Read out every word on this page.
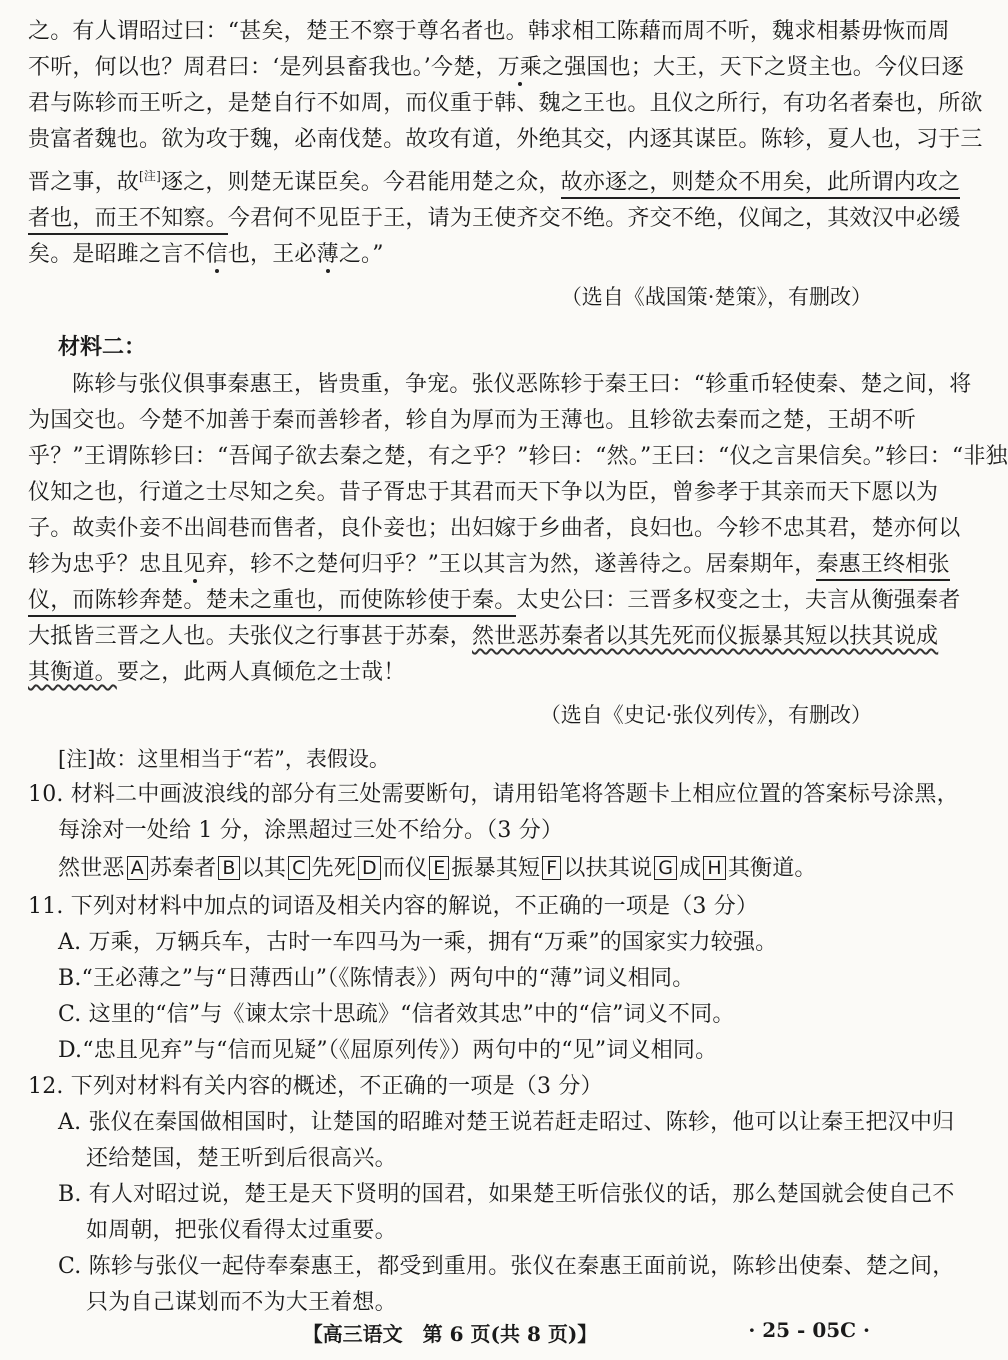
之。有人谓昭过曰：“甚矣，楚王不察于尊名者也。韩求相工陈藉而周不听，魏求相綦毋恢而周
不听，何以也？周君曰：‘是列县畜我也。’今楚，万乘之强国也；大王，天下之贤主也。今仪曰逐
君与陈轸而王听之，是楚自行不如周，而仪重于韩、魏之王也。且仪之所行，有功名者秦也，所欲
贵富者魏也。欲为攻于魏，必南伐楚。故攻有道，外绝其交，内逐其谋臣。陈轸，夏人也，习于三
晋之事，故[注]逐之，则楚无谋臣矣。今君能用楚之众，故亦逐之，则楚众不用矣，此所谓内攻之
者也，而王不知察。今君何不见臣于王，请为王使齐交不绝。齐交不绝，仪闻之，其效汉中必缓
矣。是昭雎之言不信也，王必薄之。”
（选自《战国策·楚策》，有删改）
材料二：
陈轸与张仪俱事秦惠王，皆贵重，争宠。张仪恶陈轸于秦王曰：“轸重币轻使秦、楚之间，将
为国交也。今楚不加善于秦而善轸者，轸自为厚而为王薄也。且轸欲去秦而之楚，王胡不听
乎？”王谓陈轸曰：“吾闻子欲去秦之楚，有之乎？”轸曰：“然。”王曰：“仪之言果信矣。”轸曰：“非独
仪知之也，行道之士尽知之矣。昔子胥忠于其君而天下争以为臣，曾参孝于其亲而天下愿以为
子。故卖仆妾不出闾巷而售者，良仆妾也；出妇嫁于乡曲者，良妇也。今轸不忠其君，楚亦何以
轸为忠乎？忠且见弃，轸不之楚何归乎？”王以其言为然，遂善待之。居秦期年，秦惠王终相张
仪，而陈轸奔楚。楚未之重也，而使陈轸使于秦。太史公曰：三晋多权变之士，夫言从衡强秦者
大抵皆三晋之人也。夫张仪之行事甚于苏秦，然世恶苏秦者以其先死而仪振暴其短以扶其说成
其衡道。要之，此两人真倾危之士哉！
（选自《史记·张仪列传》，有删改）
[注]故：这里相当于“若”，表假设。
10. 材料二中画波浪线的部分有三处需要断句，请用铅笔将答题卡上相应位置的答案标号涂黑，
每涂对一处给 1 分，涂黑超过三处不给分。（3 分）
然世恶 A 苏秦者 B 以其 C 先死 D 而仪 E 振暴其短 F 以扶其说 G 成 H 其衡道。
11. 下列对材料中加点的词语及相关内容的解说，不正确的一项是（3 分）
A. 万乘，万辆兵车，古时一车四马为一乘，拥有“万乘”的国家实力较强。
B.“王必薄之”与“日薄西山”（《陈情表》）两句中的“薄”词义相同。
C. 这里的“信”与《谏太宗十思疏》“信者效其忠”中的“信”词义不同。
D.“忠且见弃”与“信而见疑”（《屈原列传》）两句中的“见”词义相同。
12. 下列对材料有关内容的概述，不正确的一项是（3 分）
A. 张仪在秦国做相国时，让楚国的昭雎对楚王说若赶走昭过、陈轸，他可以让秦王把汉中归
还给楚国，楚王听到后很高兴。
B. 有人对昭过说，楚王是天下贤明的国君，如果楚王听信张仪的话，那么楚国就会使自己不
如周朝，把张仪看得太过重要。
C. 陈轸与张仪一起侍奉秦惠王，都受到重用。张仪在秦惠王面前说，陈轸出使秦、楚之间，
只为自己谋划而不为大王着想。
【高三语文　第 6 页(共 8 页)】	· 25 - 05C ·
